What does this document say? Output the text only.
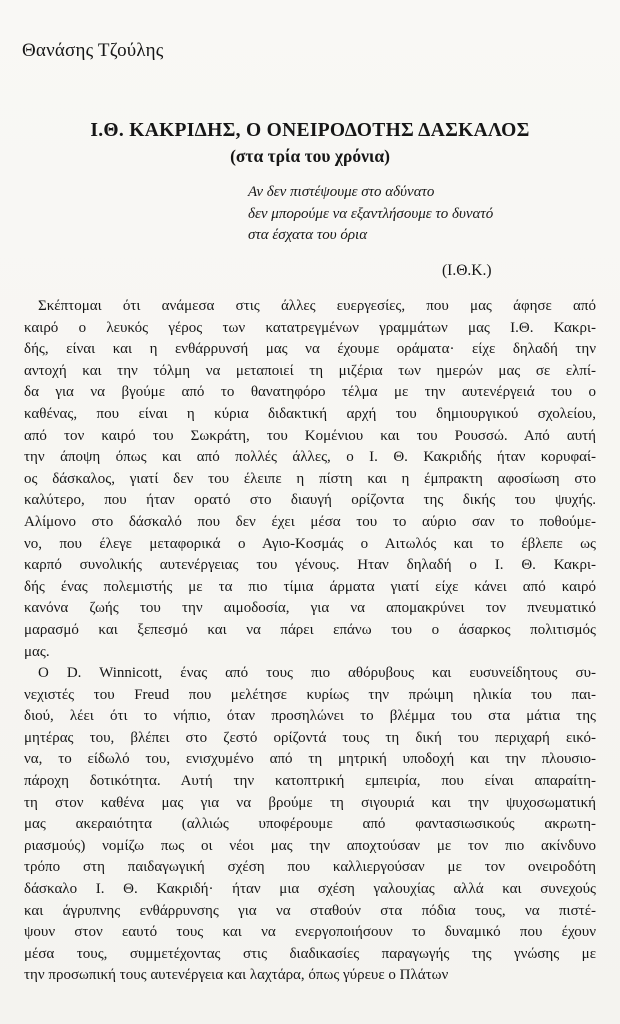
Θανάσης Τζούλης
Ι.Θ. ΚΑΚΡΙΔΗΣ, Ο ΟΝΕΙΡΟΔΟΤΗΣ ΔΑΣΚΑΛΟΣ
(στα τρία του χρόνια)
Αν δεν πιστέψουμε στο αδύνατο
δεν μπορούμε να εξαντλήσουμε το δυνατό
στα έσχατα του όρια
(Ι.Θ.Κ.)
Σκέπτομαι ότι ανάμεσα στις άλλες ευεργεσίες, που μας άφησε από
καιρό ο λευκός γέρος των κατατρεγμένων γραμμάτων μας Ι.Θ. Κακρι-
δής, είναι και η ενθάρρυνσή μας να έχουμε οράματα· είχε δηλαδή την
αντοχή και την τόλμη να μεταποιεί τη μιζέρια των ημερών μας σε ελπί-
δα για να βγούμε από το θανατηφόρο τέλμα με την αυτενέργειά του ο
καθένας, που είναι η κύρια διδακτική αρχή του δημιουργικού σχολείου,
από τον καιρό του Σωκράτη, του Κομένιου και του Ρουσσώ. Από αυτή
την άποψη όπως και από πολλές άλλες, ο Ι. Θ. Κακριδής ήταν κορυφαί-
ος δάσκαλος, γιατί δεν του έλειπε η πίστη και η έμπρακτη αφοσίωση στο
καλύτερο, που ήταν ορατό στο διαυγή ορίζοντα της δικής του ψυχής.
Αλίμονο στο δάσκαλό που δεν έχει μέσα του το αύριο σαν το ποθούμε-
νο, που έλεγε μεταφορικά ο Αγιο-Κοσμάς ο Αιτωλός και το έβλεπε ως
καρπό συνολικής αυτενέργειας του γένους. Ηταν δηλαδή ο Ι. Θ. Κακρι-
δής ένας πολεμιστής με τα πιο τίμια άρματα γιατί είχε κάνει από καιρό
κανόνα ζωής του την αιμοδοσία, για να απομακρύνει τον πνευματικό
μαρασμό και ξεπεσμό και να πάρει επάνω του ο άσαρκος πολιτισμός
μας.
Ο D. Winnicott, ένας από τους πιο αθόρυβους και ευσυνείδητους συ-
νεχιστές του Freud που μελέτησε κυρίως την πρώιμη ηλικία του παι-
διού, λέει ότι το νήπιο, όταν προσηλώνει το βλέμμα του στα μάτια της
μητέρας του, βλέπει στο ζεστό ορίζοντά τους τη δική του περιχαρή εικό-
να, το είδωλό του, ενισχυμένο από τη μητρική υποδοχή και την πλουσιο-
πάροχη δοτικότητα. Αυτή την κατοπτρική εμπειρία, που είναι απαραίτη-
τη στον καθένα μας για να βρούμε τη σιγουριά και την ψυχοσωματική
μας ακεραιότητα (αλλιώς υποφέρουμε από φαντασιωσικούς ακρωτη-
ριασμούς) νομίζω πως οι νέοι μας την αποχτούσαν με τον πιο ακίνδυνο
τρόπο στη παιδαγωγική σχέση που καλλιεργούσαν με τον ονειροδότη
δάσκαλο Ι. Θ. Κακριδή· ήταν μια σχέση γαλουχίας αλλά και συνεχούς
και άγρυπνης ενθάρρυνσης για να σταθούν στα πόδια τους, να πιστέ-
ψουν στον εαυτό τους και να ενεργοποιήσουν το δυναμικό που έχουν
μέσα τους, συμμετέχοντας στις διαδικασίες παραγωγής της γνώσης με
την προσωπική τους αυτενέργεια και λαχτάρα, όπως γύρευε ο Πλάτων
